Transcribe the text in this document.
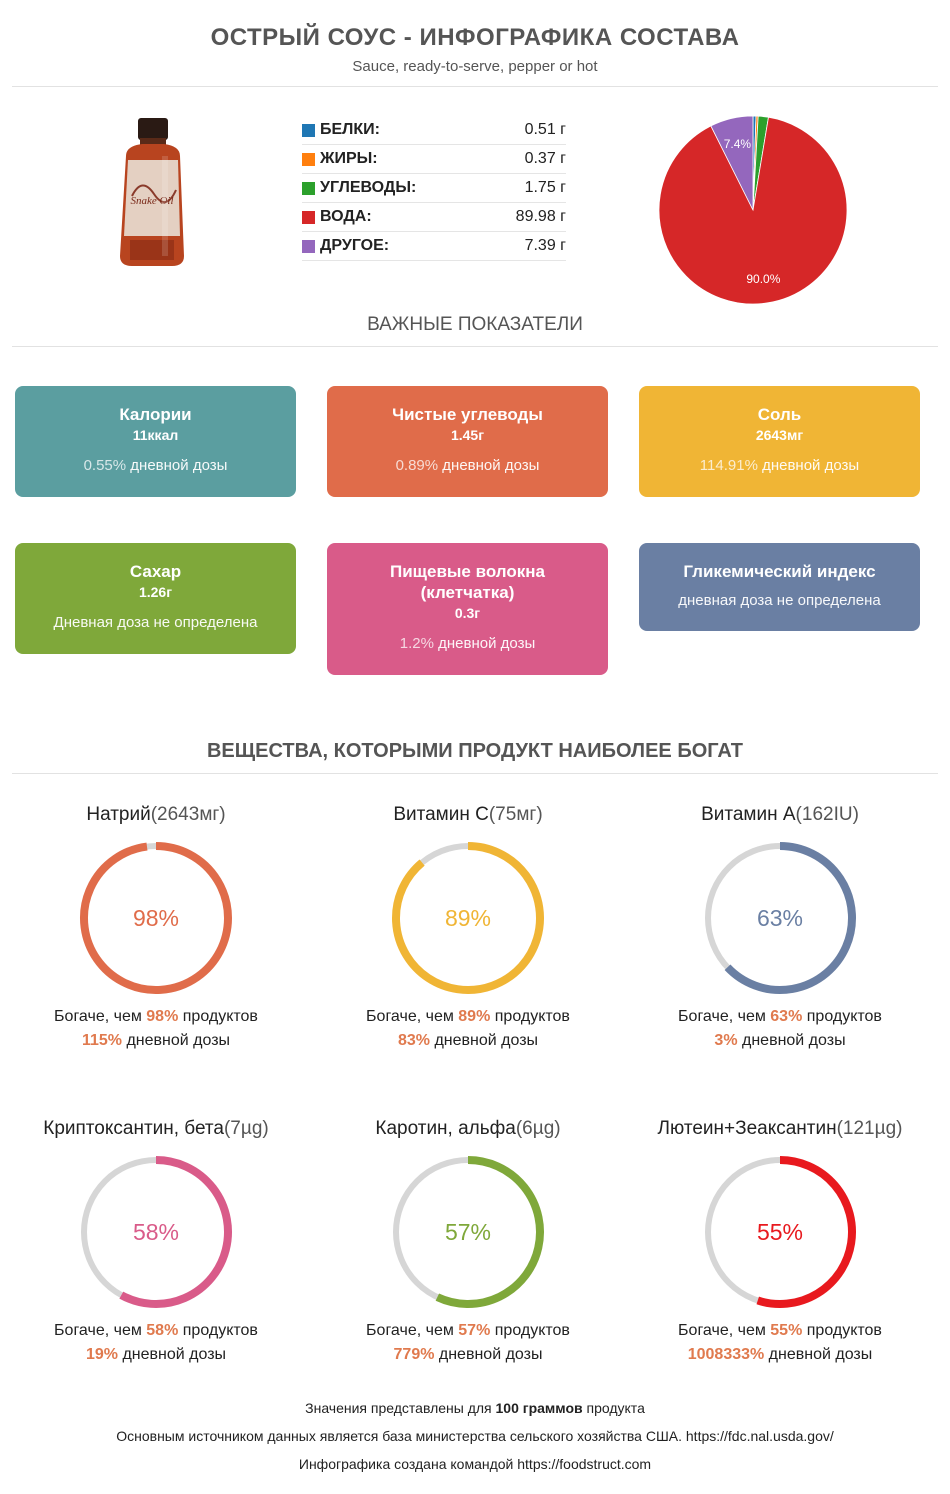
ОСТРЫЙ СОУС - ИНФОГРАФИКА СОСТАВА
Sauce, ready-to-serve, pepper or hot
Snake Oil
БЕЛКИ:	0.51 г
ЖИРЫ:	0.37 г
УГЛЕВОДЫ:	1.75 г
ВОДА:	89.98 г
ДРУГОЕ:	7.39 г
90.0%
7.4%
ВАЖНЫЕ ПОКАЗАТЕЛИ
Калории
11ккал
0.55% дневной дозы
Чистые углеводы
1.45г
0.89% дневной дозы
Соль
2643мг
114.91% дневной дозы
Сахар
1.26г
Дневная доза не определена
Пищевые волокна (клетчатка)
0.3г
1.2% дневной дозы
Гликемический индекс
дневная доза не определена
ВЕЩЕСТВА, КОТОРЫМИ ПРОДУКТ НАИБОЛЕЕ БОГАТ
Натрий(2643мг)
98%
Богаче, чем 98% продуктов
115% дневной дозы
Витамин C(75мг)
89%
Богаче, чем 89% продуктов
83% дневной дозы
Витамин A(162IU)
63%
Богаче, чем 63% продуктов
3% дневной дозы
Криптоксантин, бета(7µg)
58%
Богаче, чем 58% продуктов
19% дневной дозы
Каротин, альфа(6µg)
57%
Богаче, чем 57% продуктов
779% дневной дозы
Лютеин+Зеаксантин(121µg)
55%
Богаче, чем 55% продуктов
1008333% дневной дозы
Значения представлены для 100 граммов продукта
Основным источником данных является база министерства сельского хозяйства США. https://fdc.nal.usda.gov/
Инфографика создана командой https://foodstruct.com
